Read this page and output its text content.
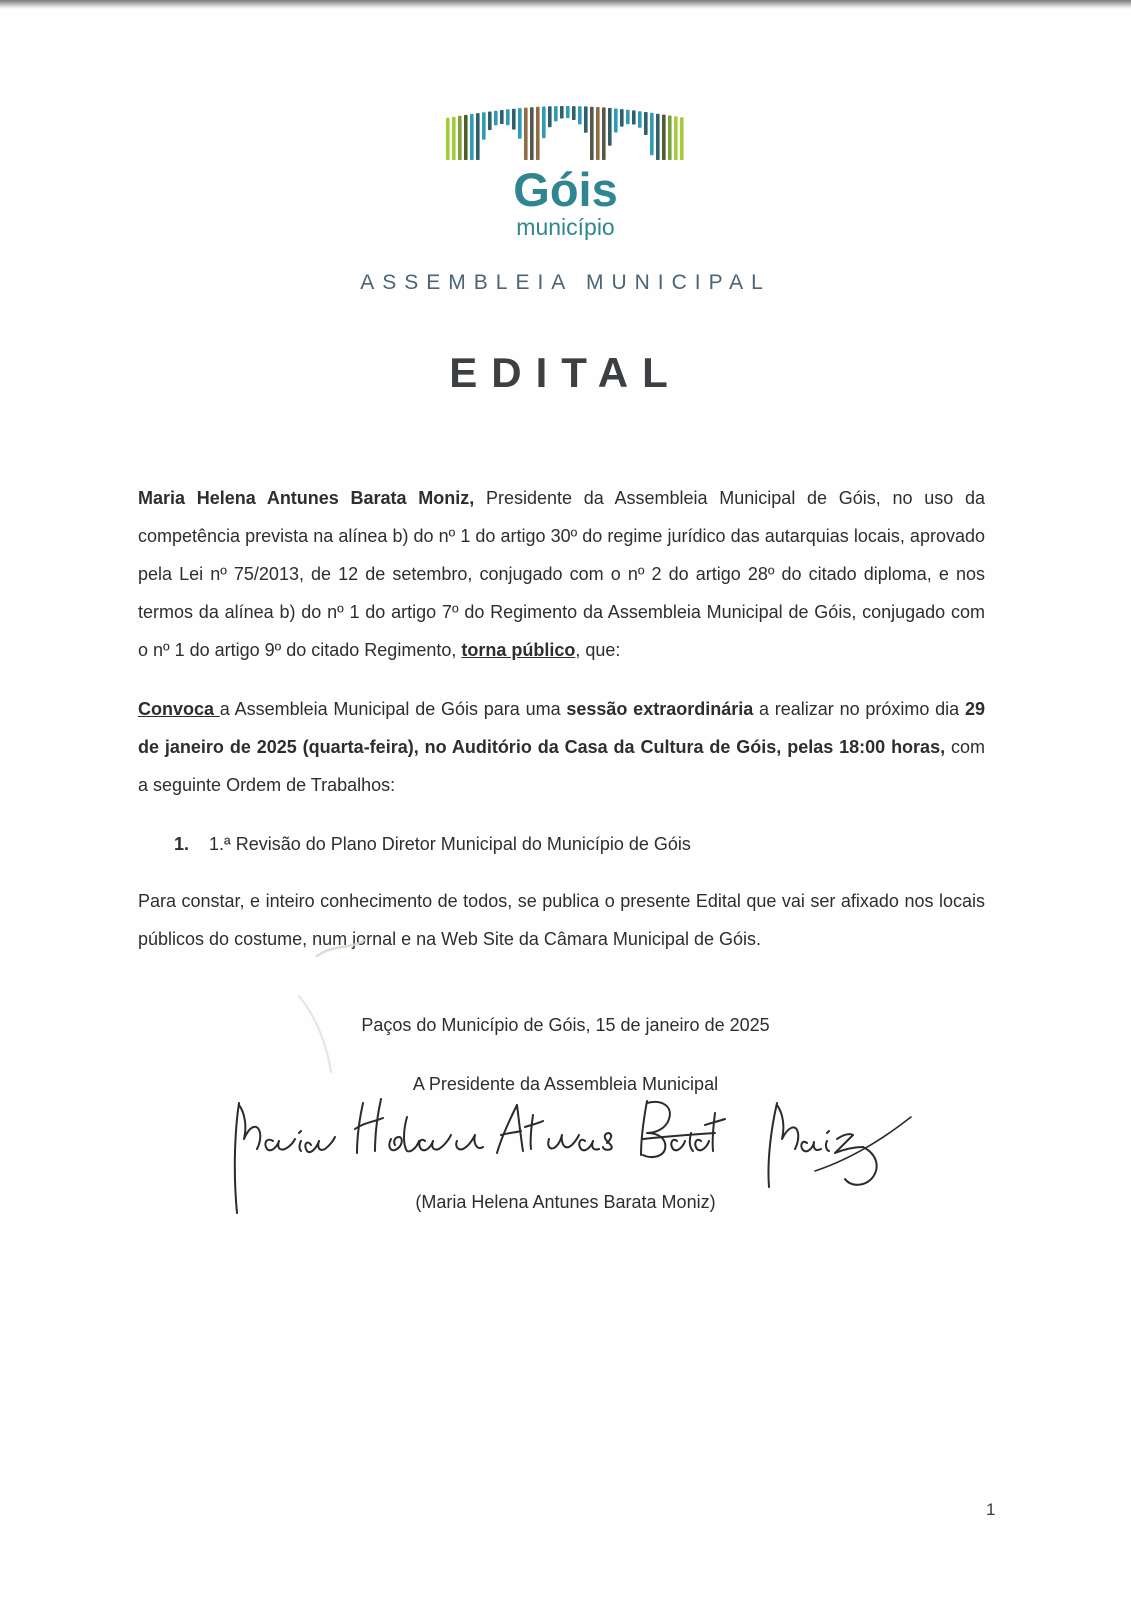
Góis
município
ASSEMBLEIA MUNICIPAL
EDITAL

Maria Helena Antunes Barata Moniz, Presidente da Assembleia Municipal de Góis, no uso da competência prevista na alínea b) do nº 1 do artigo 30º do regime jurídico das autarquias locais, aprovado pela Lei nº 75/2013, de 12 de setembro, conjugado com o nº 2 do artigo 28º do citado diploma, e nos termos da alínea b) do nº 1 do artigo 7º do Regimento da Assembleia Municipal de Góis, conjugado com o nº 1 do artigo 9º do citado Regimento, torna público, que:

Convoca a Assembleia Municipal de Góis para uma sessão extraordinária a realizar no próximo dia 29 de janeiro de 2025 (quarta-feira), no Auditório da Casa da Cultura de Góis, pelas 18:00 horas, com a seguinte Ordem de Trabalhos:

1. 1.ª Revisão do Plano Diretor Municipal do Município de Góis

Para constar, e inteiro conhecimento de todos, se publica o presente Edital que vai ser afixado nos locais públicos do costume, num jornal e na Web Site da Câmara Municipal de Góis.

Paços do Município de Góis, 15 de janeiro de 2025

A Presidente da Assembleia Municipal

(Maria Helena Antunes Barata Moniz)

1
